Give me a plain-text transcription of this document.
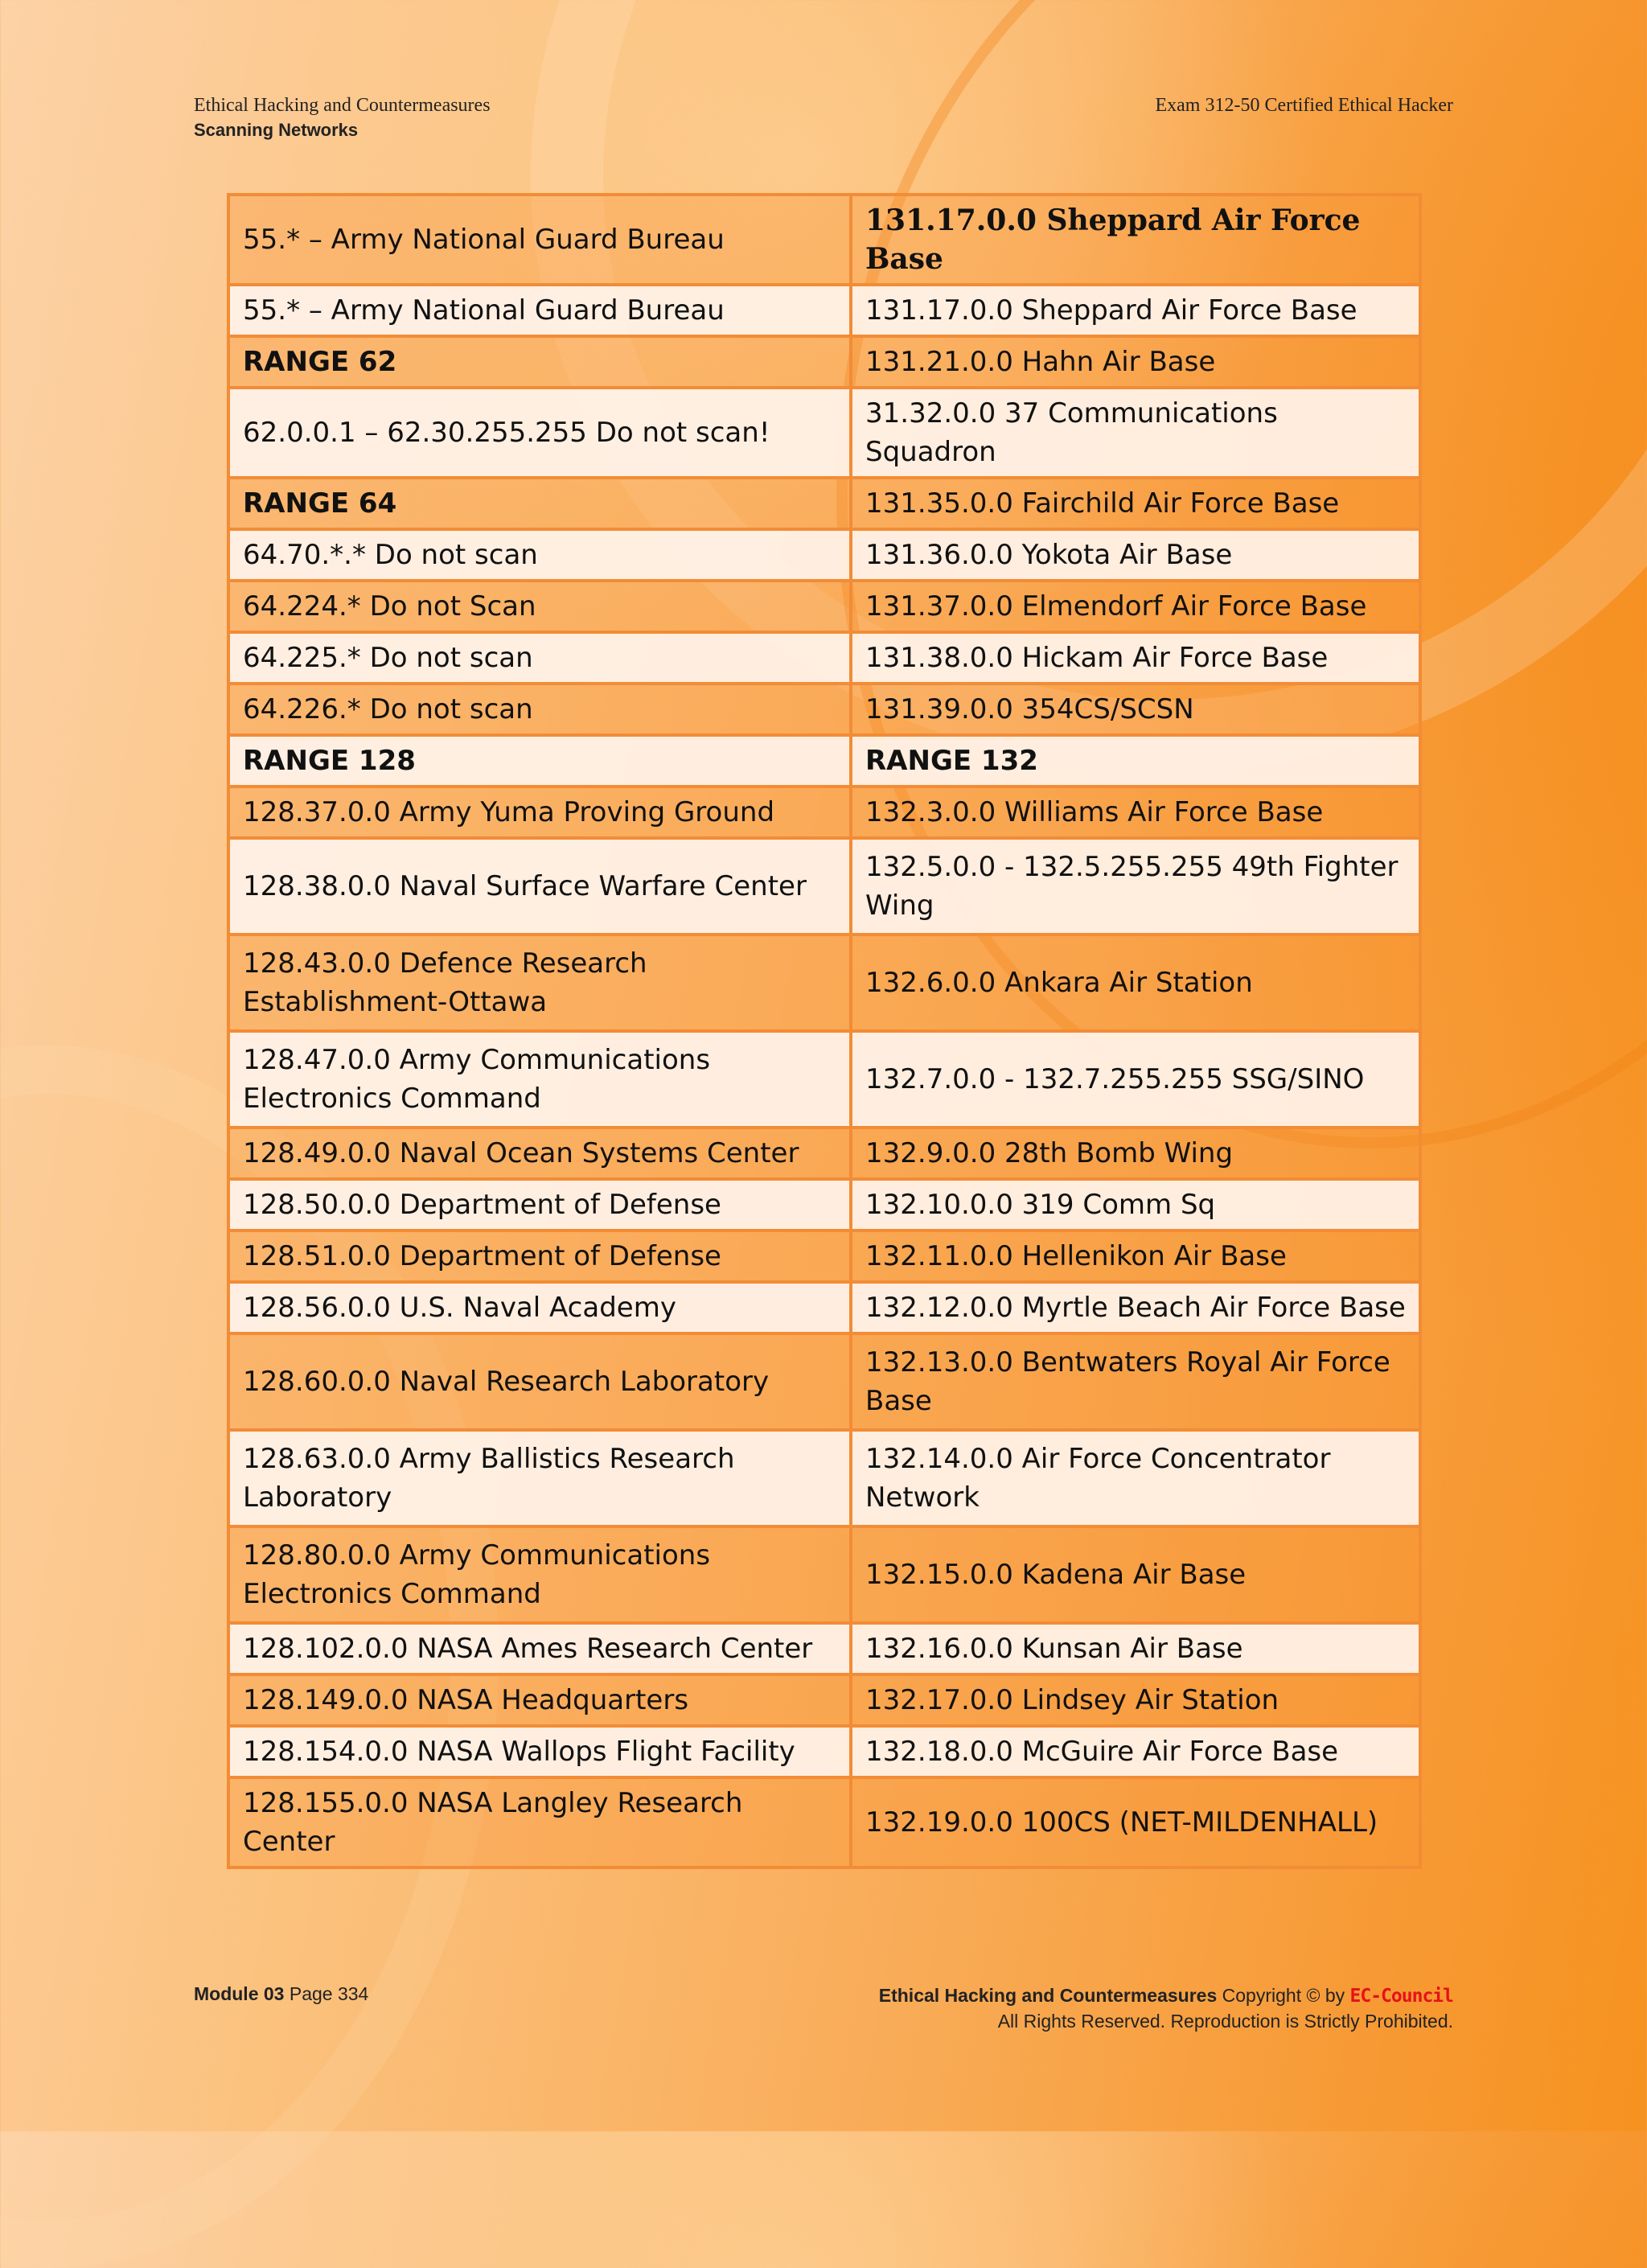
Ethical Hacking and Countermeasures
Scanning Networks
Exam 312-50 Certified Ethical Hacker
55.* – Army National Guard Bureau	131.17.0.0 Sheppard Air Force Base
55.* – Army National Guard Bureau	131.17.0.0 Sheppard Air Force Base
RANGE 62	131.21.0.0 Hahn Air Base
62.0.0.1 – 62.30.255.255 Do not scan!	31.32.0.0 37 Communications Squadron
RANGE 64	131.35.0.0 Fairchild Air Force Base
64.70.*.* Do not scan	131.36.0.0 Yokota Air Base
64.224.* Do not Scan	131.37.0.0 Elmendorf Air Force Base
64.225.* Do not scan	131.38.0.0 Hickam Air Force Base
64.226.* Do not scan	131.39.0.0 354CS/SCSN
RANGE 128	RANGE 132
128.37.0.0 Army Yuma Proving Ground	132.3.0.0 Williams Air Force Base
128.38.0.0 Naval Surface Warfare Center	132.5.0.0 - 132.5.255.255 49th Fighter Wing
128.43.0.0 Defence Research Establishment-Ottawa	132.6.0.0 Ankara Air Station
128.47.0.0 Army Communications Electronics Command	132.7.0.0 - 132.7.255.255 SSG/SINO
128.49.0.0 Naval Ocean Systems Center	132.9.0.0 28th Bomb Wing
128.50.0.0 Department of Defense	132.10.0.0 319 Comm Sq
128.51.0.0 Department of Defense	132.11.0.0 Hellenikon Air Base
128.56.0.0 U.S. Naval Academy	132.12.0.0 Myrtle Beach Air Force Base
128.60.0.0 Naval Research Laboratory	132.13.0.0 Bentwaters Royal Air Force Base
128.63.0.0 Army Ballistics Research Laboratory	132.14.0.0 Air Force Concentrator Network
128.80.0.0 Army Communications Electronics Command	132.15.0.0 Kadena Air Base
128.102.0.0 NASA Ames Research Center	132.16.0.0 Kunsan Air Base
128.149.0.0 NASA Headquarters	132.17.0.0 Lindsey Air Station
128.154.0.0 NASA Wallops Flight Facility	132.18.0.0 McGuire Air Force Base
128.155.0.0 NASA Langley Research Center	132.19.0.0 100CS (NET-MILDENHALL)
Module 03 Page 334	Ethical Hacking and Countermeasures Copyright © by EC-Council
All Rights Reserved. Reproduction is Strictly Prohibited.
